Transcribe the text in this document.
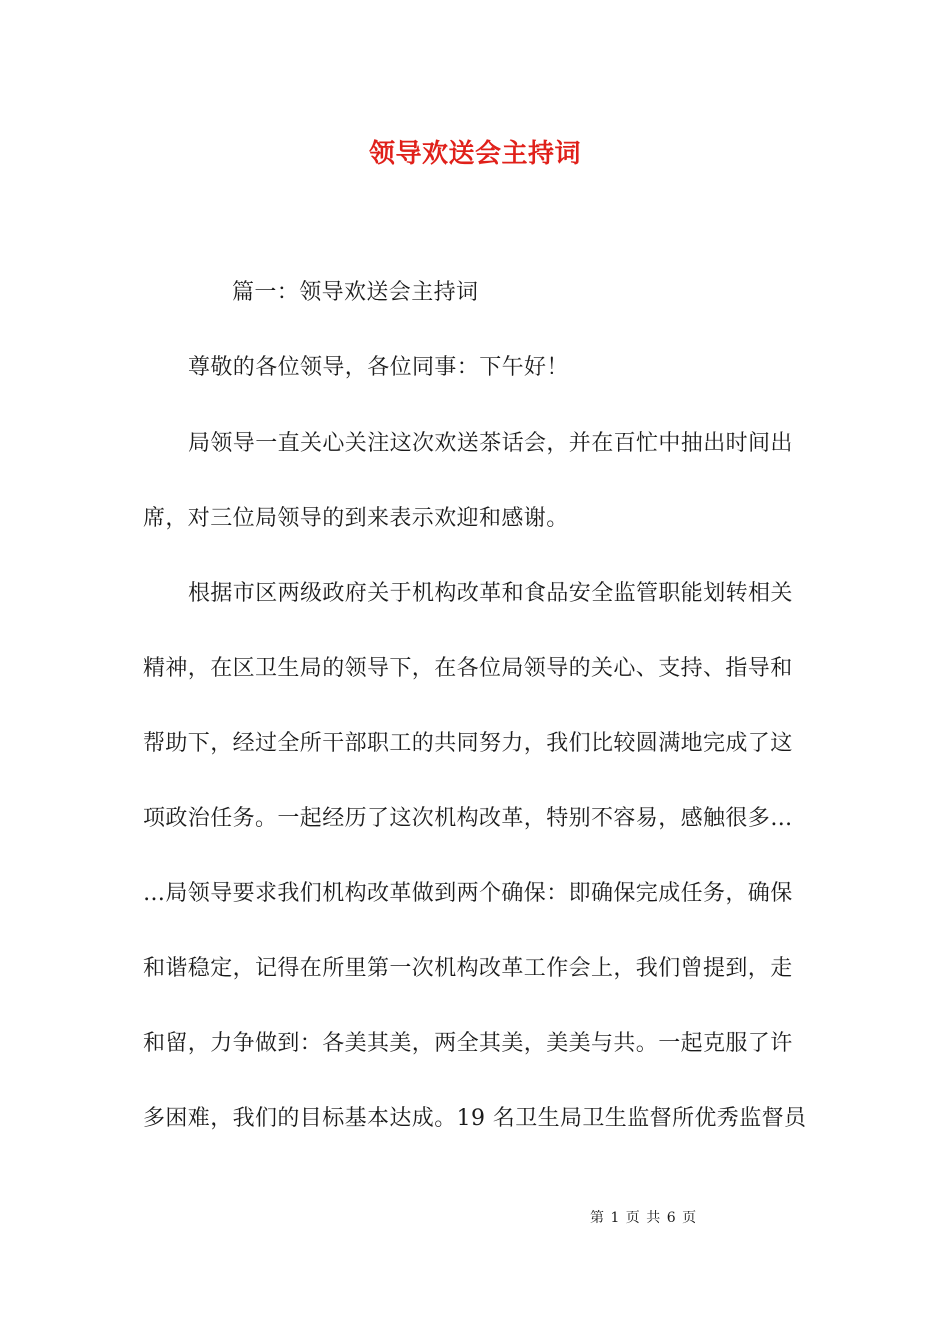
领导欢送会主持词
篇一：领导欢送会主持词
尊敬的各位领导，各位同事：下午好！
局领导一直关心关注这次欢送茶话会，并在百忙中抽出时间出
席，对三位局领导的到来表示欢迎和感谢。
根据市区两级政府关于机构改革和食品安全监管职能划转相关
精神，在区卫生局的领导下，在各位局领导的关心、支持、指导和
帮助下，经过全所干部职工的共同努力，我们比较圆满地完成了这
项政治任务。一起经历了这次机构改革，特别不容易，感触很多…
…局领导要求我们机构改革做到两个确保：即确保完成任务，确保
和谐稳定，记得在所里第一次机构改革工作会上，我们曾提到，走
和留，力争做到：各美其美，两全其美，美美与共。一起克服了许
多困难，我们的目标基本达成。19 名卫生局卫生监督所优秀监督员
第 1 页 共 6 页
